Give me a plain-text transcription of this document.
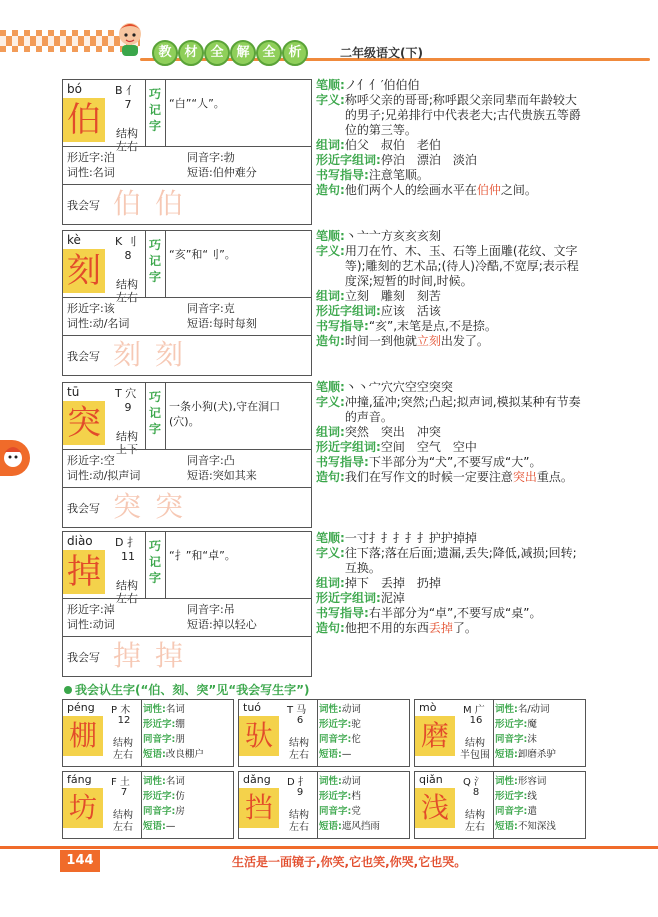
教 材 全 解 全 析	二年级语文(下)
bó	B 亻
伯	7
结构
左右
巧记字
“白”“人”。
形近字:泊
词性:名词
同音字:勃
短语:伯仲难分
我会写 伯伯
笔顺:ノ亻亻′伯伯伯
字义: 称呼父亲的哥哥;称呼跟父亲同辈而年龄较大的男子;兄弟排行中代表老大;古代贵族五等爵位的第三等。
组词:伯父　叔伯　老伯
形近字组词:停泊　漂泊　淡泊
书写指导:注意笔顺。
造句:他们两个人的绘画水平在伯仲之间。
kè	K 刂
刻	8
结构
左右
巧记字
“亥”和“刂”。
形近字:该
词性:动/名词
同音字:克
短语:每时每刻
我会写 刻刻
笔顺:丶亠亠方亥亥亥刻
字义: 用刀在竹、木、玉、石等上面雕(花纹、文字等);雕刻的艺术品;(待人)冷酷,不宽厚;表示程度深;短暂的时间,时候。
组词:立刻　雕刻　刻苦
形近字组词:应该　活该
书写指导:“亥”,末笔是点,不是捺。
造句:时间一到他就立刻出发了。
tū	T 穴
突	9
结构
上下
巧记字
一条小狗(犬),守在洞口(穴)。
形近字:空
词性:动/拟声词
同音字:凸
短语:突如其来
我会写 突突
笔顺:丶丶宀穴穴空空突突
字义: 冲撞,猛冲;突然;凸起;拟声词,模拟某种有节奏的声音。
组词:突然　突出　冲突
形近字组词:空间　空气　空中
书写指导:下半部分为“犬”,不要写成“大”。
造句:我们在写作文的时候一定要注意突出重点。
diào D 扌
掉	11
结构
左右
巧记字
“扌”和“卓”。
形近字:淖
词性:动词
同音字:吊
短语:掉以轻心
我会写 掉掉
笔顺:一寸扌扌扌扌扌护护掉掉
字义: 往下落;落在后面;遗漏,丢失;降低,减损;回转;互换。
组词:掉下　丢掉　扔掉
形近字组词:泥淖
书写指导:右半部分为“卓”,不要写成“桌”。
造句:他把不用的东西丢掉了。
我会认生字(“伯、刻、突”见“我会写生字”)
péng P 木
棚	12
结构
左右
词性:名词
形近字:绷
同音字:朋
短语:改良棚户
tuó	T 马
驮	6
结构
左右
词性:动词
形近字:驼
同音字:佗
短语:—
mò	M 广
磨	16
结构
半包围
词性:名/动词
形近字:魔
同音字:沫
短语:卸磨杀驴
fáng F 土
坊	7
结构
左右
词性:名词
形近字:仿
同音字:房
短语:—
dǎng D 扌
挡	9
结构
左右
词性:动词
形近字:档
同音字:党
短语:遮风挡雨
qiǎn Q 氵
浅	8
结构
左右
词性:形容词
形近字:线
同音字:遣
短语:不知深浅
144	生活是一面镜子,你笑,它也笑,你哭,它也哭。
